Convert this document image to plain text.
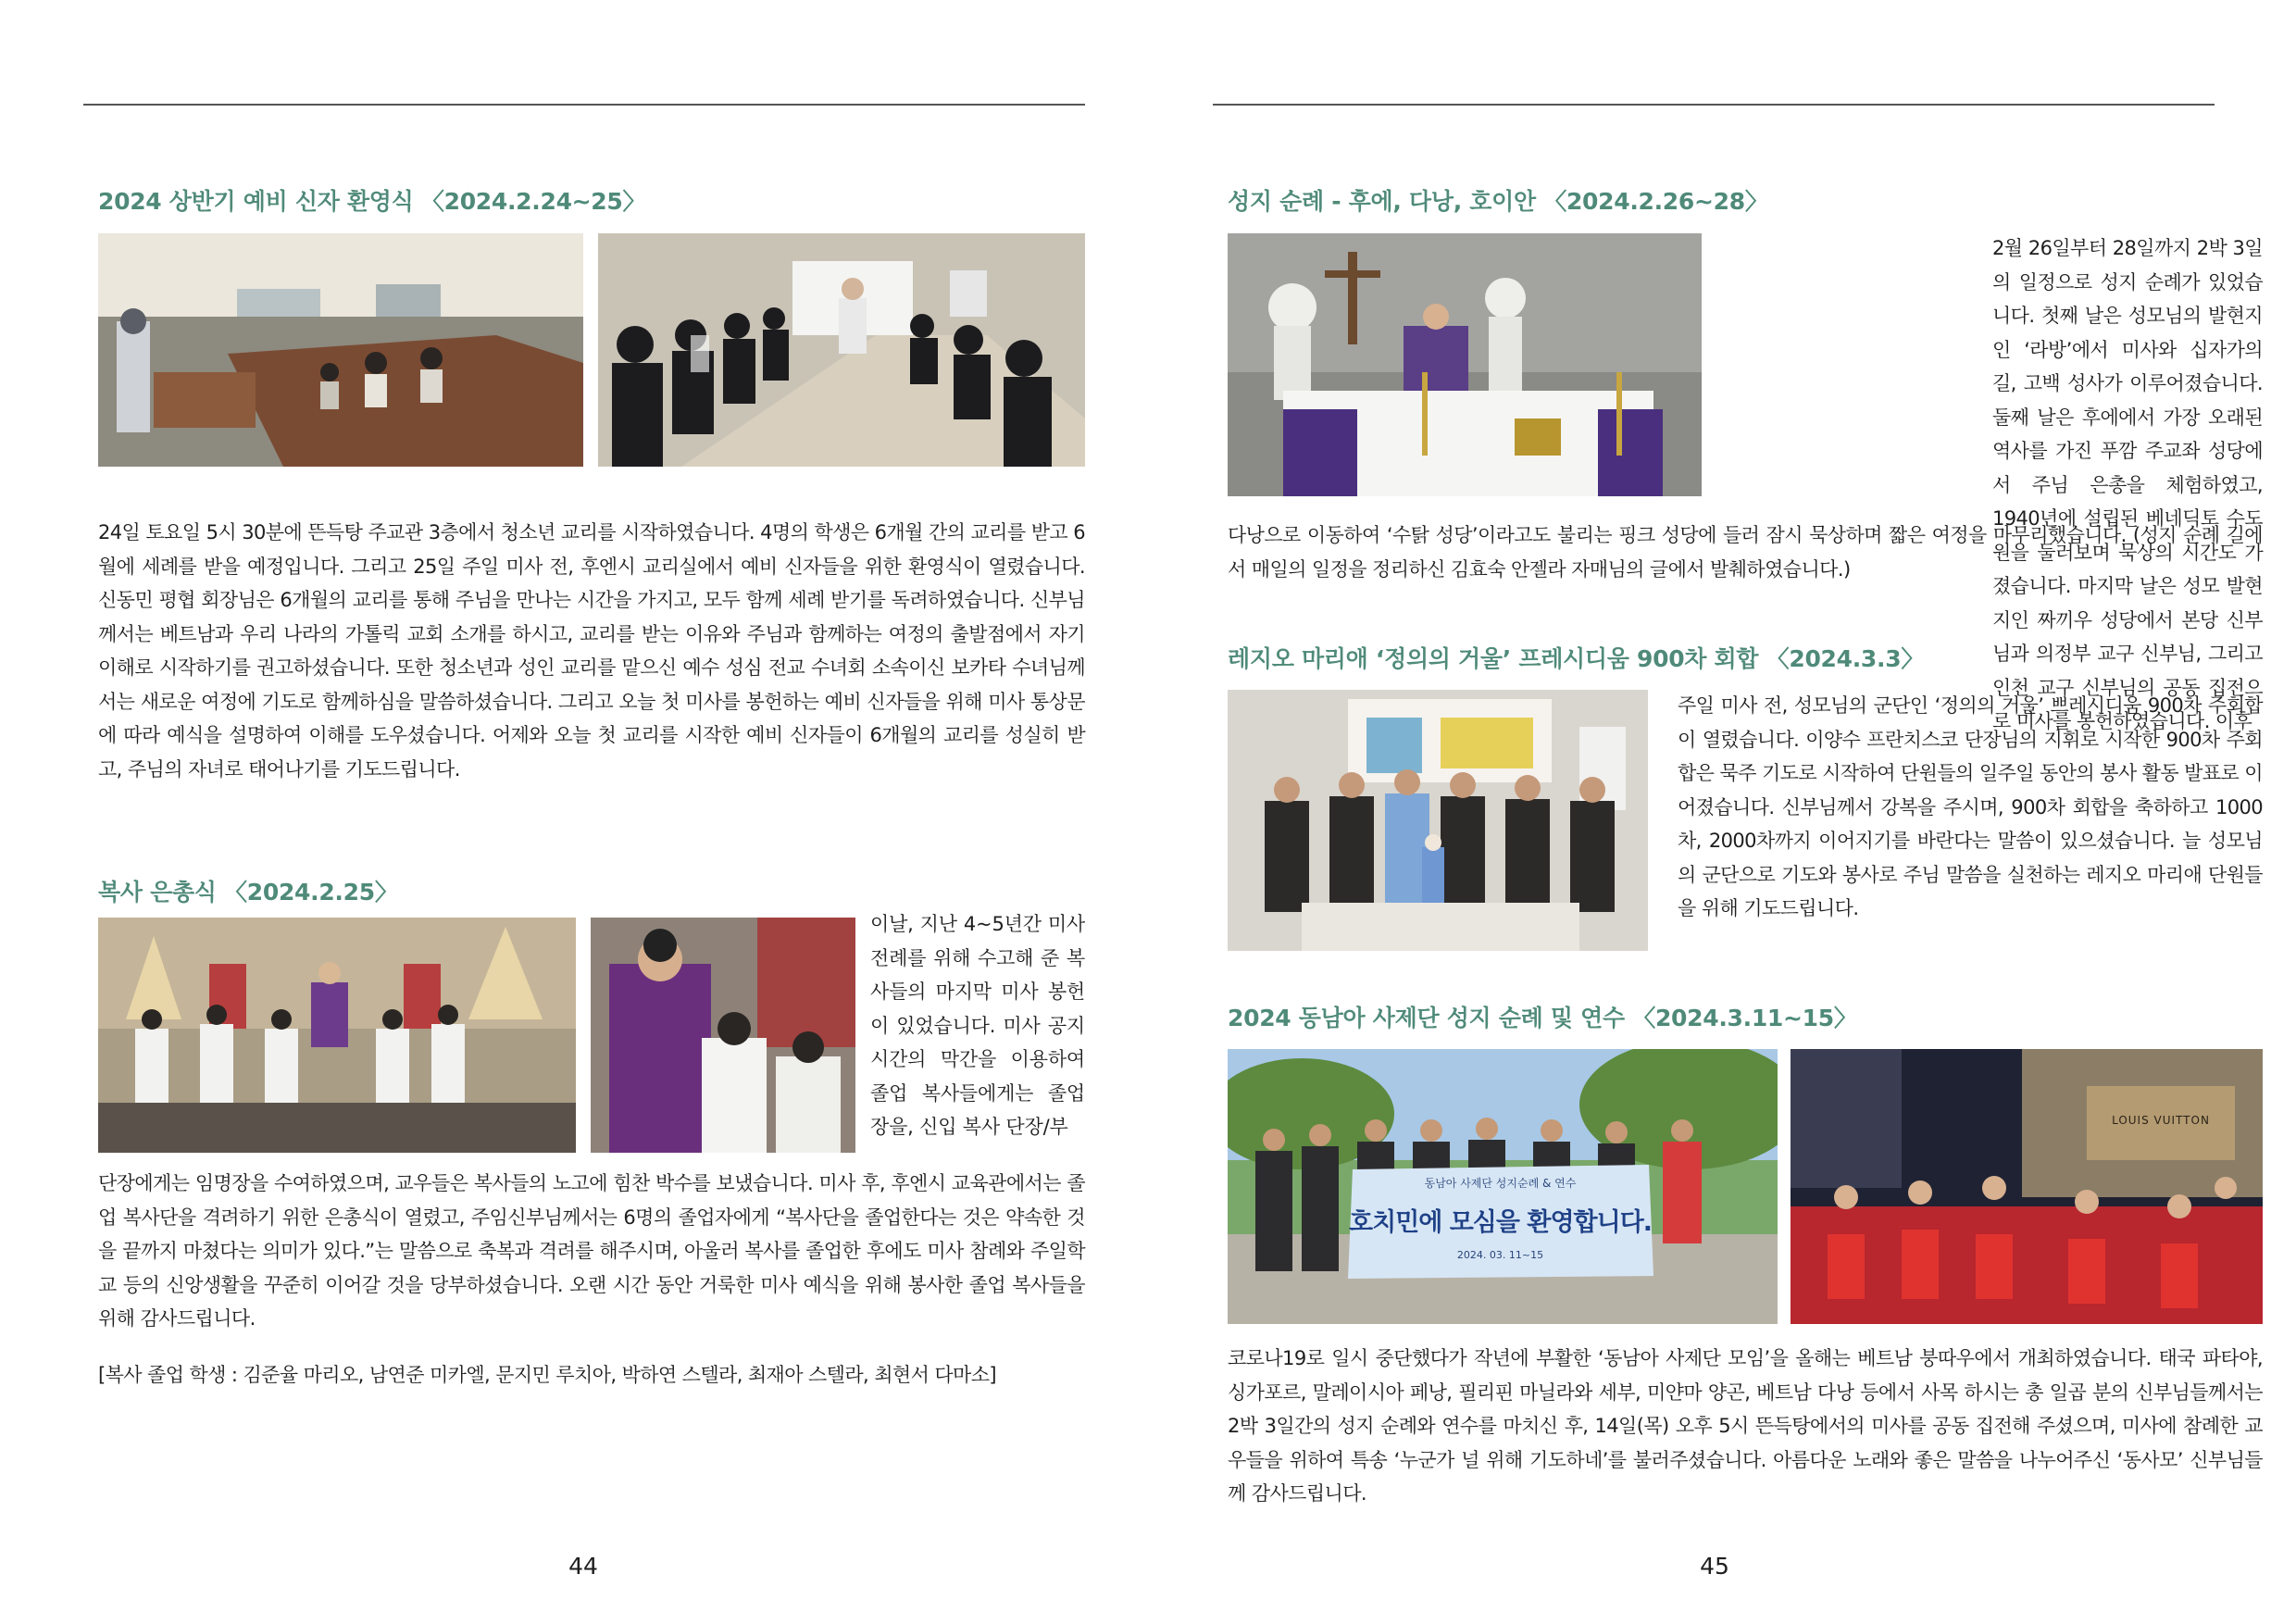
2024 상반기 예비 신자 환영식 〈2024.2.24~25〉

24일 토요일 5시 30분에 뜬득탕 주교관 3층에서 청소년 교리를 시작하였습니다. 4명의 학생은 6개월 간의 교리를 받고 6월에 세례를 받을 예정입니다. 그리고 25일 주일 미사 전, 후엔시 교리실에서 예비 신자들을 위한 환영식이 열렸습니다. 신동민 평협 회장님은 6개월의 교리를 통해 주님을 만나는 시간을 가지고, 모두 함께 세례 받기를 독려하였습니다. 신부님께서는 베트남과 우리 나라의 가톨릭 교회 소개를 하시고, 교리를 받는 이유와 주님과 함께하는 여정의 출발점에서 자기 이해로 시작하기를 권고하셨습니다. 또한 청소년과 성인 교리를 맡으신 예수 성심 전교 수녀회 소속이신 보카타 수녀님께서는 새로운 여정에 기도로 함께하심을 말씀하셨습니다. 그리고 오늘 첫 미사를 봉헌하는 예비 신자들을 위해 미사 통상문에 따라 예식을 설명하여 이해를 도우셨습니다. 어제와 오늘 첫 교리를 시작한 예비 신자들이 6개월의 교리를 성실히 받고, 주님의 자녀로 태어나기를 기도드립니다.

복사 은총식 〈2024.2.25〉

이날, 지난 4~5년간 미사 전례를 위해 수고해 준 복사들의 마지막 미사 봉헌이 있었습니다. 미사 공지 시간의 막간을 이용하여 졸업 복사들에게는 졸업장을, 신입 복사 단장/부

단장에게는 임명장을 수여하였으며, 교우들은 복사들의 노고에 힘찬 박수를 보냈습니다. 미사 후, 후엔시 교육관에서는 졸업 복사단을 격려하기 위한 은총식이 열렸고, 주임신부님께서는 6명의 졸업자에게 “복사단을 졸업한다는 것은 약속한 것을 끝까지 마쳤다는 의미가 있다.”는 말씀으로 축복과 격려를 해주시며, 아울러 복사를 졸업한 후에도 미사 참례와 주일학교 등의 신앙생활을 꾸준히 이어갈 것을 당부하셨습니다. 오랜 시간 동안 거룩한 미사 예식을 위해 봉사한 졸업 복사들을 위해 감사드립니다.

[복사 졸업 학생 : 김준율 마리오, 남연준 미카엘, 문지민 루치아, 박하연 스텔라, 최재아 스텔라, 최현서 다마소]

44

성지 순례 - 후에, 다낭, 호이안 〈2024.2.26~28〉

2월 26일부터 28일까지 2박 3일의 일정으로 성지 순례가 있었습니다. 첫째 날은 성모님의 발현지인 ‘라방’에서 미사와 십자가의 길, 고백 성사가 이루어졌습니다. 둘째 날은 후에에서 가장 오래된 역사를 가진 푸깜 주교좌 성당에서 주님 은총을 체험하였고, 1940년에 설립된 베네딕토 수도원을 둘러보며 묵상의 시간도 가졌습니다. 마지막 날은 성모 발현지인 짜끼우 성당에서 본당 신부님과 의정부 교구 신부님, 그리고 인천 교구 신부님의 공동 집전으로 미사를 봉헌하였습니다. 이후

다낭으로 이동하여 ‘수탉 성당’이라고도 불리는 핑크 성당에 들러 잠시 묵상하며 짧은 여정을 마무리했습니다. (성지 순례 길에서 매일의 일정을 정리하신 김효숙 안젤라 자매님의 글에서 발췌하였습니다.)

레지오 마리애 ‘정의의 거울’ 프레시디움 900차 회합 〈2024.3.3〉

주일 미사 전, 성모님의 군단인 ‘정의의 거울’ 쁘레시디움 900차 주회합이 열렸습니다. 이양수 프란치스코 단장님의 지휘로 시작한 900차 주회합은 묵주 기도로 시작하여 단원들의 일주일 동안의 봉사 활동 발표로 이어졌습니다. 신부님께서 강복을 주시며, 900차 회합을 축하하고 1000차, 2000차까지 이어지기를 바란다는 말씀이 있으셨습니다. 늘 성모님의 군단으로 기도와 봉사로 주님 말씀을 실천하는 레지오 마리애 단원들을 위해 기도드립니다.

2024 동남아 사제단 성지 순례 및 연수 〈2024.3.11~15〉
동남아 사제단 성지순례 & 연수
호치민에 모심을 환영합니다.
2024. 03. 11~15
LOUIS VUITTON

코로나19로 일시 중단했다가 작년에 부활한 ‘동남아 사제단 모임’을 올해는 베트남 붕따우에서 개최하였습니다. 태국 파타야, 싱가포르, 말레이시아 페낭, 필리핀 마닐라와 세부, 미얀마 양곤, 베트남 다낭 등에서 사목 하시는 총 일곱 분의 신부님들께서는 2박 3일간의 성지 순례와 연수를 마치신 후, 14일(목) 오후 5시 뜬득탕에서의 미사를 공동 집전해 주셨으며, 미사에 참례한 교우들을 위하여 특송 ‘누군가 널 위해 기도하네’를 불러주셨습니다. 아름다운 노래와 좋은 말씀을 나누어주신 ‘동사모’ 신부님들께 감사드립니다.

45
